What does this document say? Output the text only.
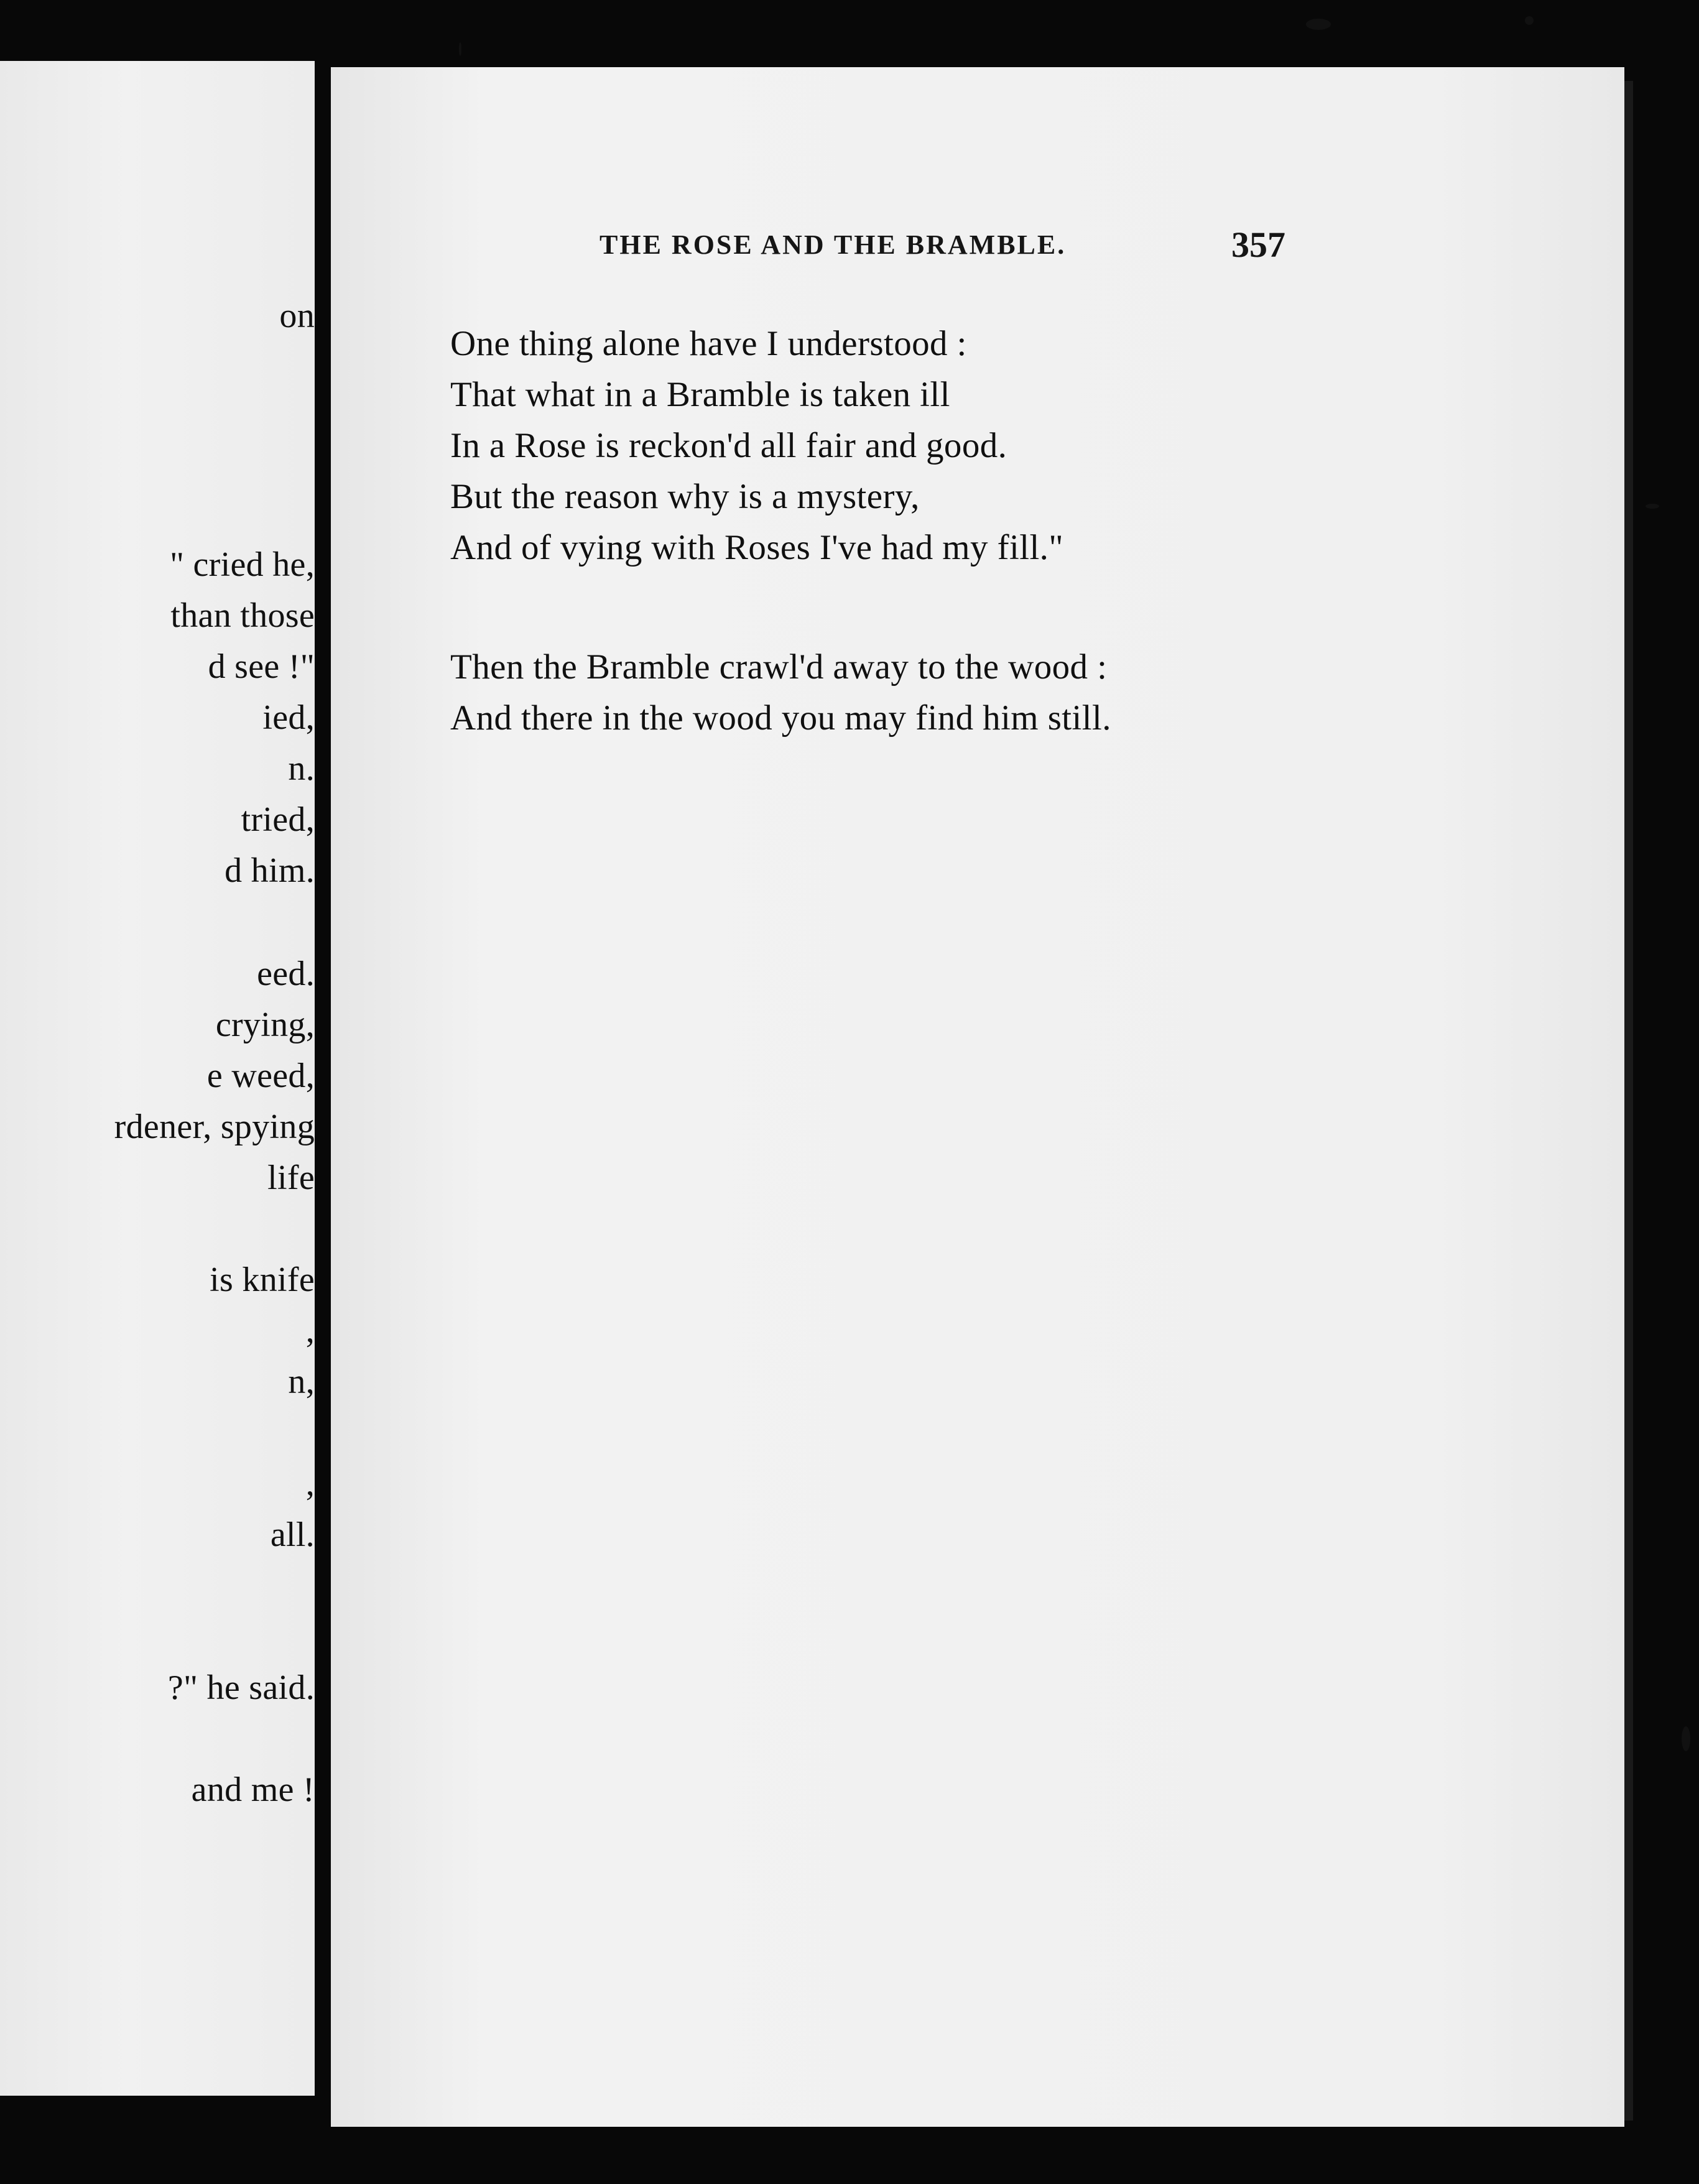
on
" cried he,
than those
d see !"
ied,
n.
tried,
d him.
eed.
crying,
e weed,
rdener, spying
life
is knife
,
n,
,
all.
?" he said.
and me !
THE ROSE AND THE BRAMBLE.	357
One thing alone have I understood :
That what in a Bramble is taken ill
In a Rose is reckon'd all fair and good.
But the reason why is a mystery,
And of vying with Roses I've had my fill."
Then the Bramble crawl'd away to the wood :
And there in the wood you may find him still.
